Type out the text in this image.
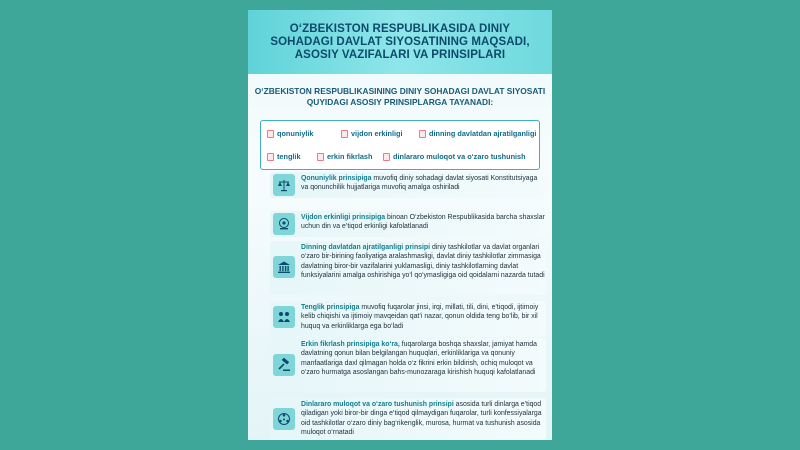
O‘ZBEKISTON RESPUBLIKASIDA DINIY SOHADAGI DAVLAT SIYOSATINING MAQSADI, ASOSIY VAZIFALARI VA PRINSIPLARI
O‘ZBEKISTON RESPUBLIKASINING DINIY SOHADAGI DAVLAT SIYOSATI QUYIDAGI ASOSIY PRINSIPLARGA TAYANADI:
qonuniylik	vijdon erkinligi	dinning davlatdan ajratilganligi
tenglik	erkin fikrlash	dinlararo muloqot va o‘zaro tushunish
Qonuniylik prinsipiga muvofiq diniy sohadagi davlat siyosati Konstitutsiyaga va qonunchilik hujjatlariga muvofiq amalga oshiriladi
Vijdon erkinligi prinsipiga binoan O‘zbekiston Respublikasida barcha shaxslar uchun din va e’tiqod erkinligi kafolatlanadi
Dinning davlatdan ajratilganligi prinsipi diniy tashkilotlar va davlat organlari o‘zaro bir-birining faoliyatiga aralashmasligi, davlat diniy tashkilotlar zimmasiga davlatning biror-bir vazifalarini yuklamasligi, diniy tashkilotlarning davlat funksiyalarini amalga oshirishiga yo‘l qo‘ymasligiga oid qoidalarni nazarda tutadi
Tenglik prinsipiga muvofiq fuqarolar jinsi, irqi, millati, tili, dini, e’tiqodi, ijtimoiy kelib chiqishi va ijtimoiy mavqeidan qat’i nazar, qonun oldida teng bo‘lib, bir xil huquq va erkinliklarga ega bo‘ladi
Erkin fikrlash prinsipiga ko‘ra, fuqarolarga boshqa shaxslar, jamiyat hamda davlatning qonun bilan belgilangan huquqlari, erkinliklariga va qonuniy manfaatlariga daxl qilmagan holda o‘z fikrini erkin bildirish, ochiq muloqot va o‘zaro hurmatga asoslangan bahs-munozaraga kirishish huquqi kafolatlanadi
Dinlararo muloqot va o‘zaro tushunish prinsipi asosida turli dinlarga e’tiqod qiladigan yoki biror-bir dinga e’tiqod qilmaydigan fuqarolar, turli konfessiyalarga oid tashkilotlar o‘zaro diniy bag‘rikenglik, murosa, hurmat va tushunish asosida muloqot o‘rnatadi
